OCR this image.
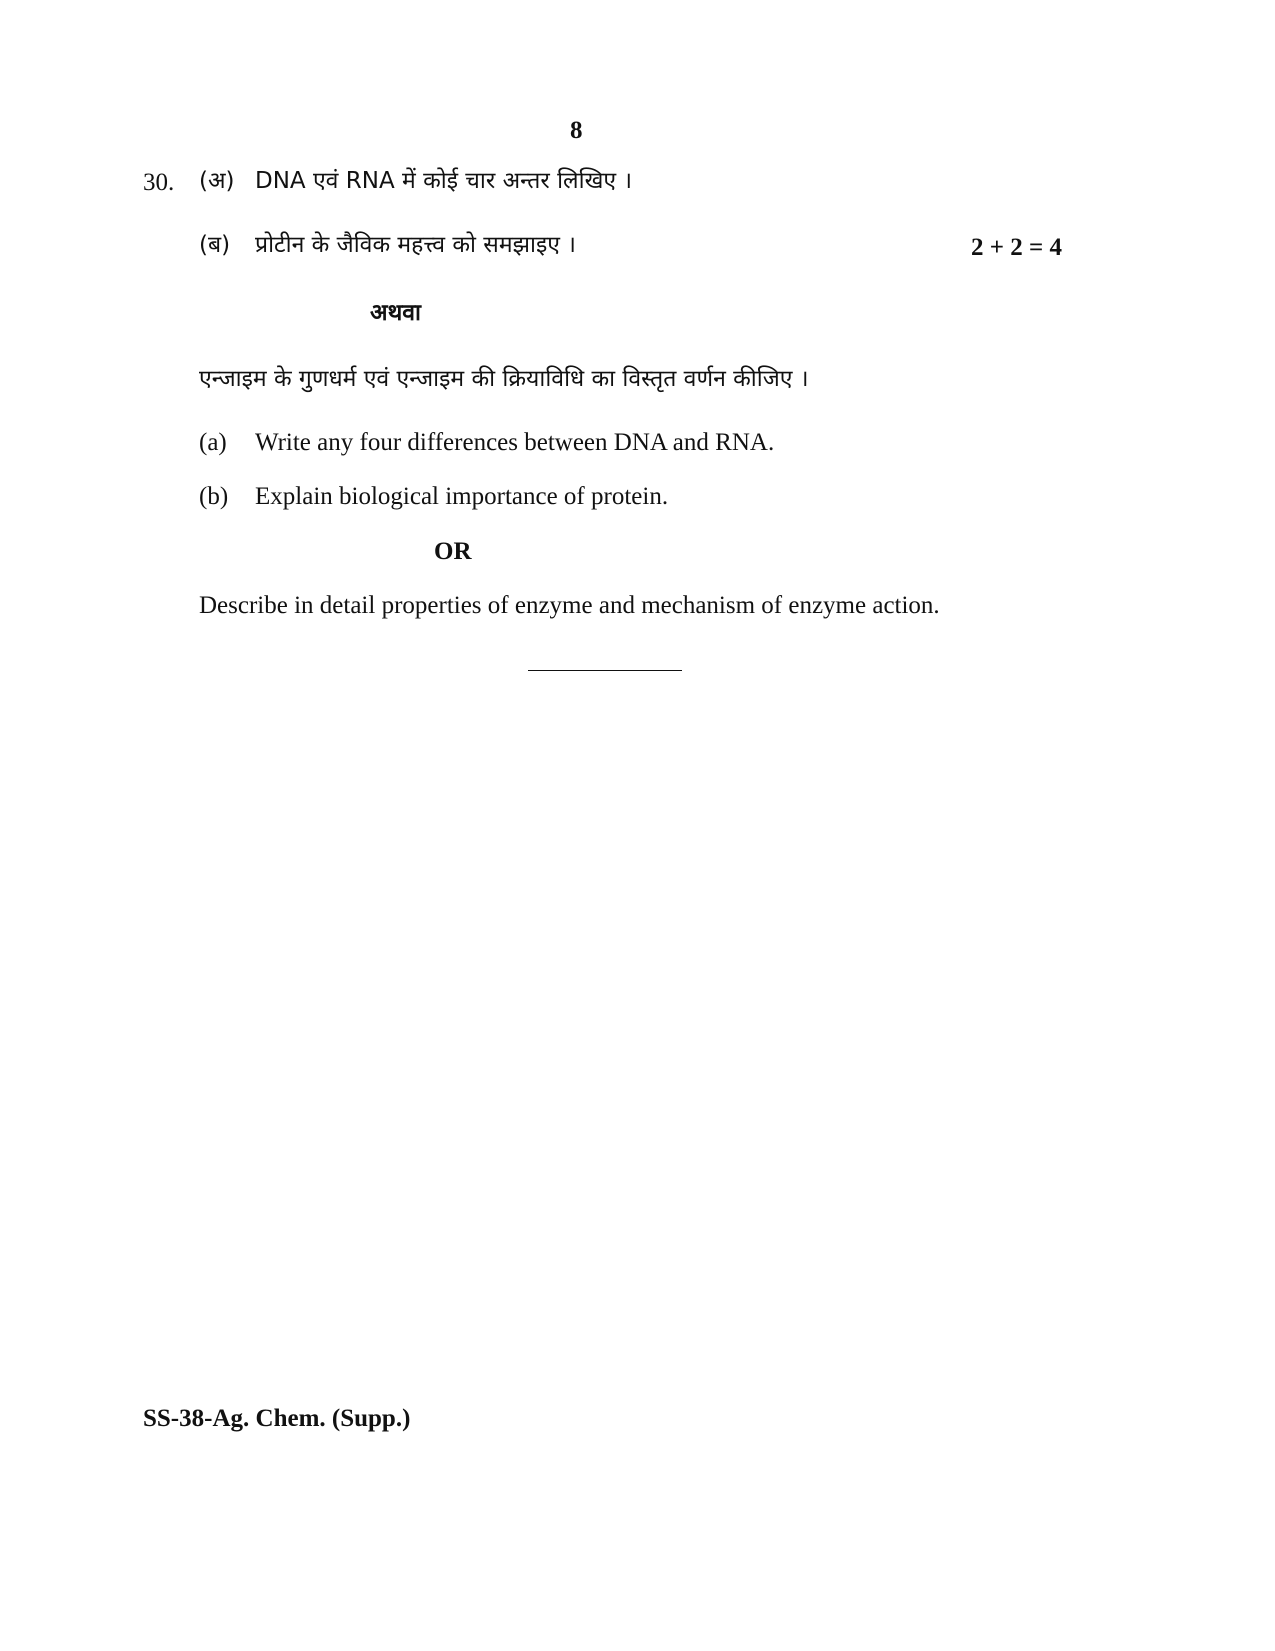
8
30. (अ) DNA एवं RNA में कोई चार अन्तर लिखिए ।
(ब) प्रोटीन के जैविक महत्त्व को समझाइए ।	2 + 2 = 4
अथवा
एन्जाइम के गुणधर्म एवं एन्जाइम की क्रियाविधि का विस्तृत वर्णन कीजिए ।
(a) Write any four differences between DNA and RNA.
(b) Explain biological importance of protein.
OR
Describe in detail properties of enzyme and mechanism of enzyme action.
SS-38-Ag. Chem. (Supp.)
